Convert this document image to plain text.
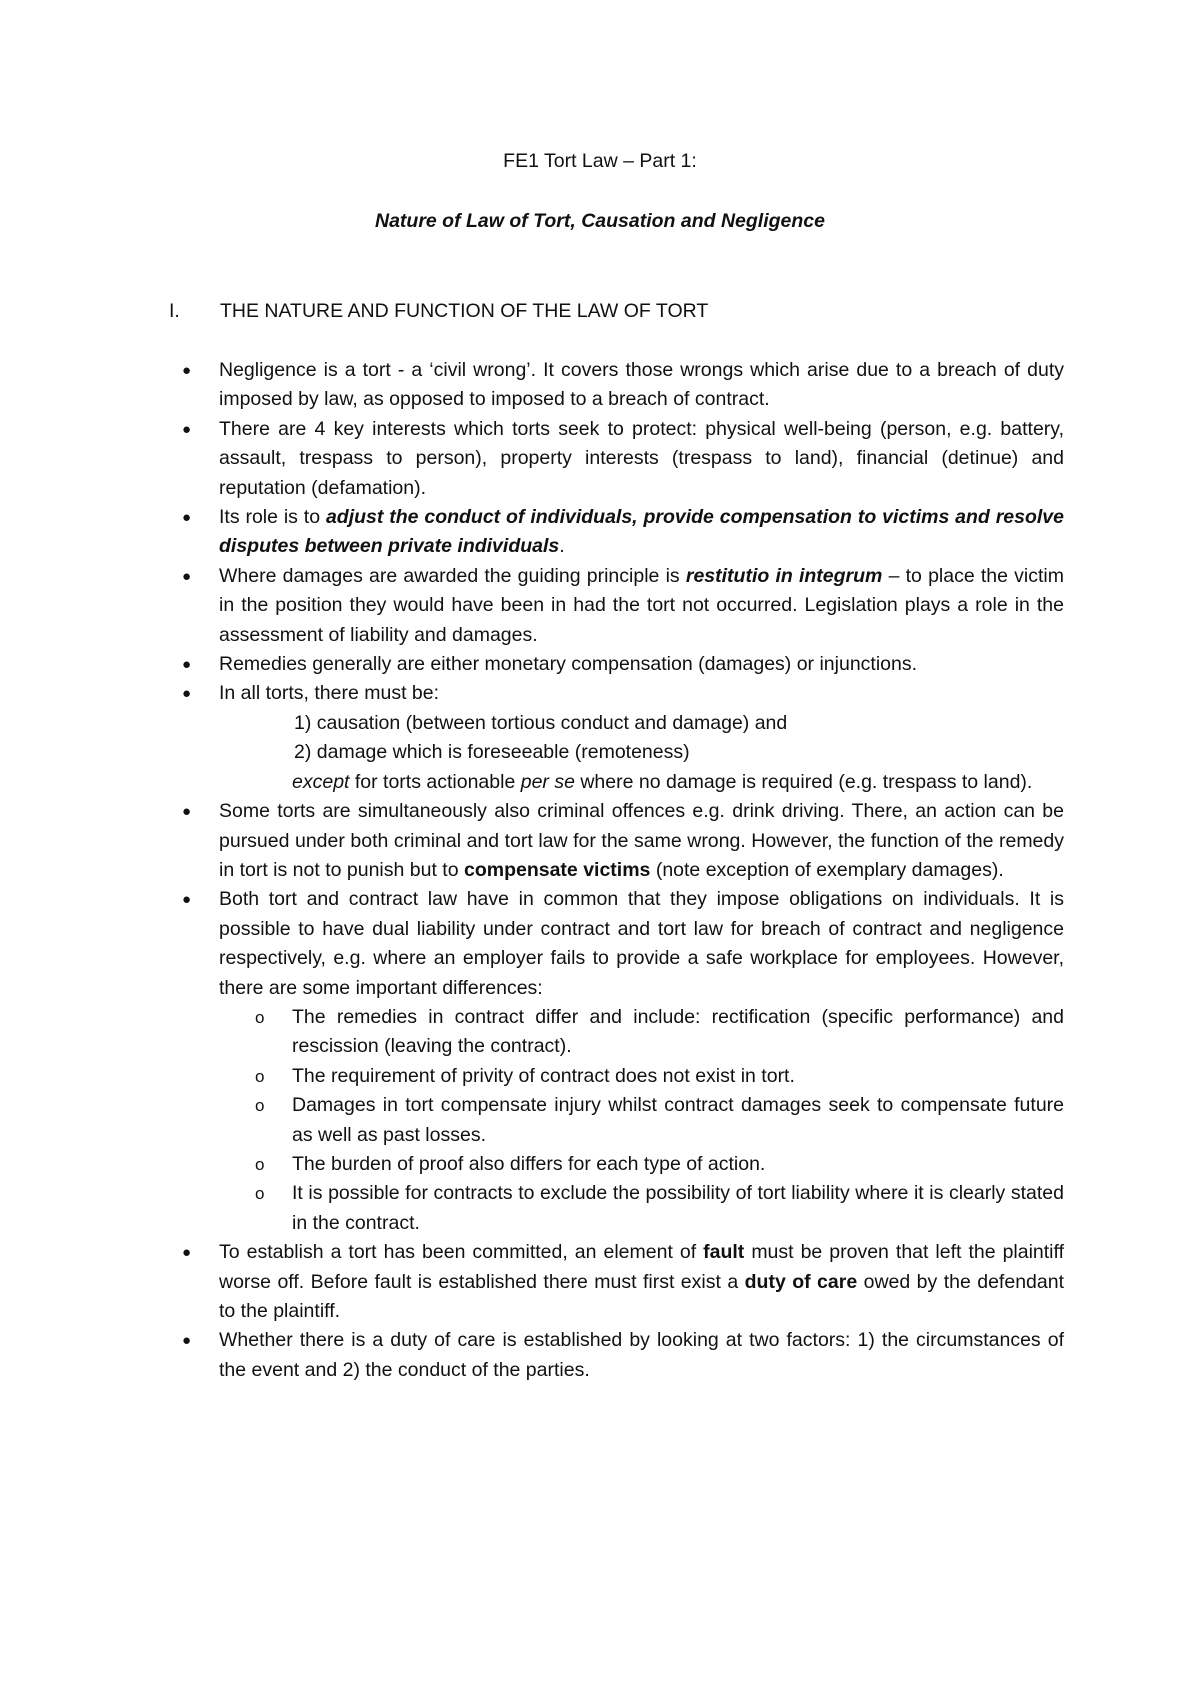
FE1 Tort Law – Part 1:
Nature of Law of Tort, Causation and Negligence
I. THE NATURE AND FUNCTION OF THE LAW OF TORT
● Negligence is a tort - a ‘civil wrong’. It covers those wrongs which arise due to a breach of duty imposed by law, as opposed to imposed to a breach of contract.
● There are 4 key interests which torts seek to protect: physical well-being (person, e.g. battery, assault, trespass to person), property interests (trespass to land), financial (detinue) and reputation (defamation).
● Its role is to adjust the conduct of individuals, provide compensation to victims and resolve disputes between private individuals.
● Where damages are awarded the guiding principle is restitutio in integrum – to place the victim in the position they would have been in had the tort not occurred. Legislation plays a role in the assessment of liability and damages.
● Remedies generally are either monetary compensation (damages) or injunctions.
● In all torts, there must be:
1) causation (between tortious conduct and damage) and
2) damage which is foreseeable (remoteness)
except for torts actionable per se where no damage is required (e.g. trespass to land).
● Some torts are simultaneously also criminal offences e.g. drink driving. There, an action can be pursued under both criminal and tort law for the same wrong. However, the function of the remedy in tort is not to punish but to compensate victims (note exception of exemplary damages).
● Both tort and contract law have in common that they impose obligations on individuals. It is possible to have dual liability under contract and tort law for breach of contract and negligence respectively, e.g. where an employer fails to provide a safe workplace for employees. However, there are some important differences:
o The remedies in contract differ and include: rectification (specific performance) and rescission (leaving the contract).
o The requirement of privity of contract does not exist in tort.
o Damages in tort compensate injury whilst contract damages seek to compensate future as well as past losses.
o The burden of proof also differs for each type of action.
o It is possible for contracts to exclude the possibility of tort liability where it is clearly stated in the contract.
● To establish a tort has been committed, an element of fault must be proven that left the plaintiff worse off. Before fault is established there must first exist a duty of care owed by the defendant to the plaintiff.
● Whether there is a duty of care is established by looking at two factors: 1) the circumstances of the event and 2) the conduct of the parties.
